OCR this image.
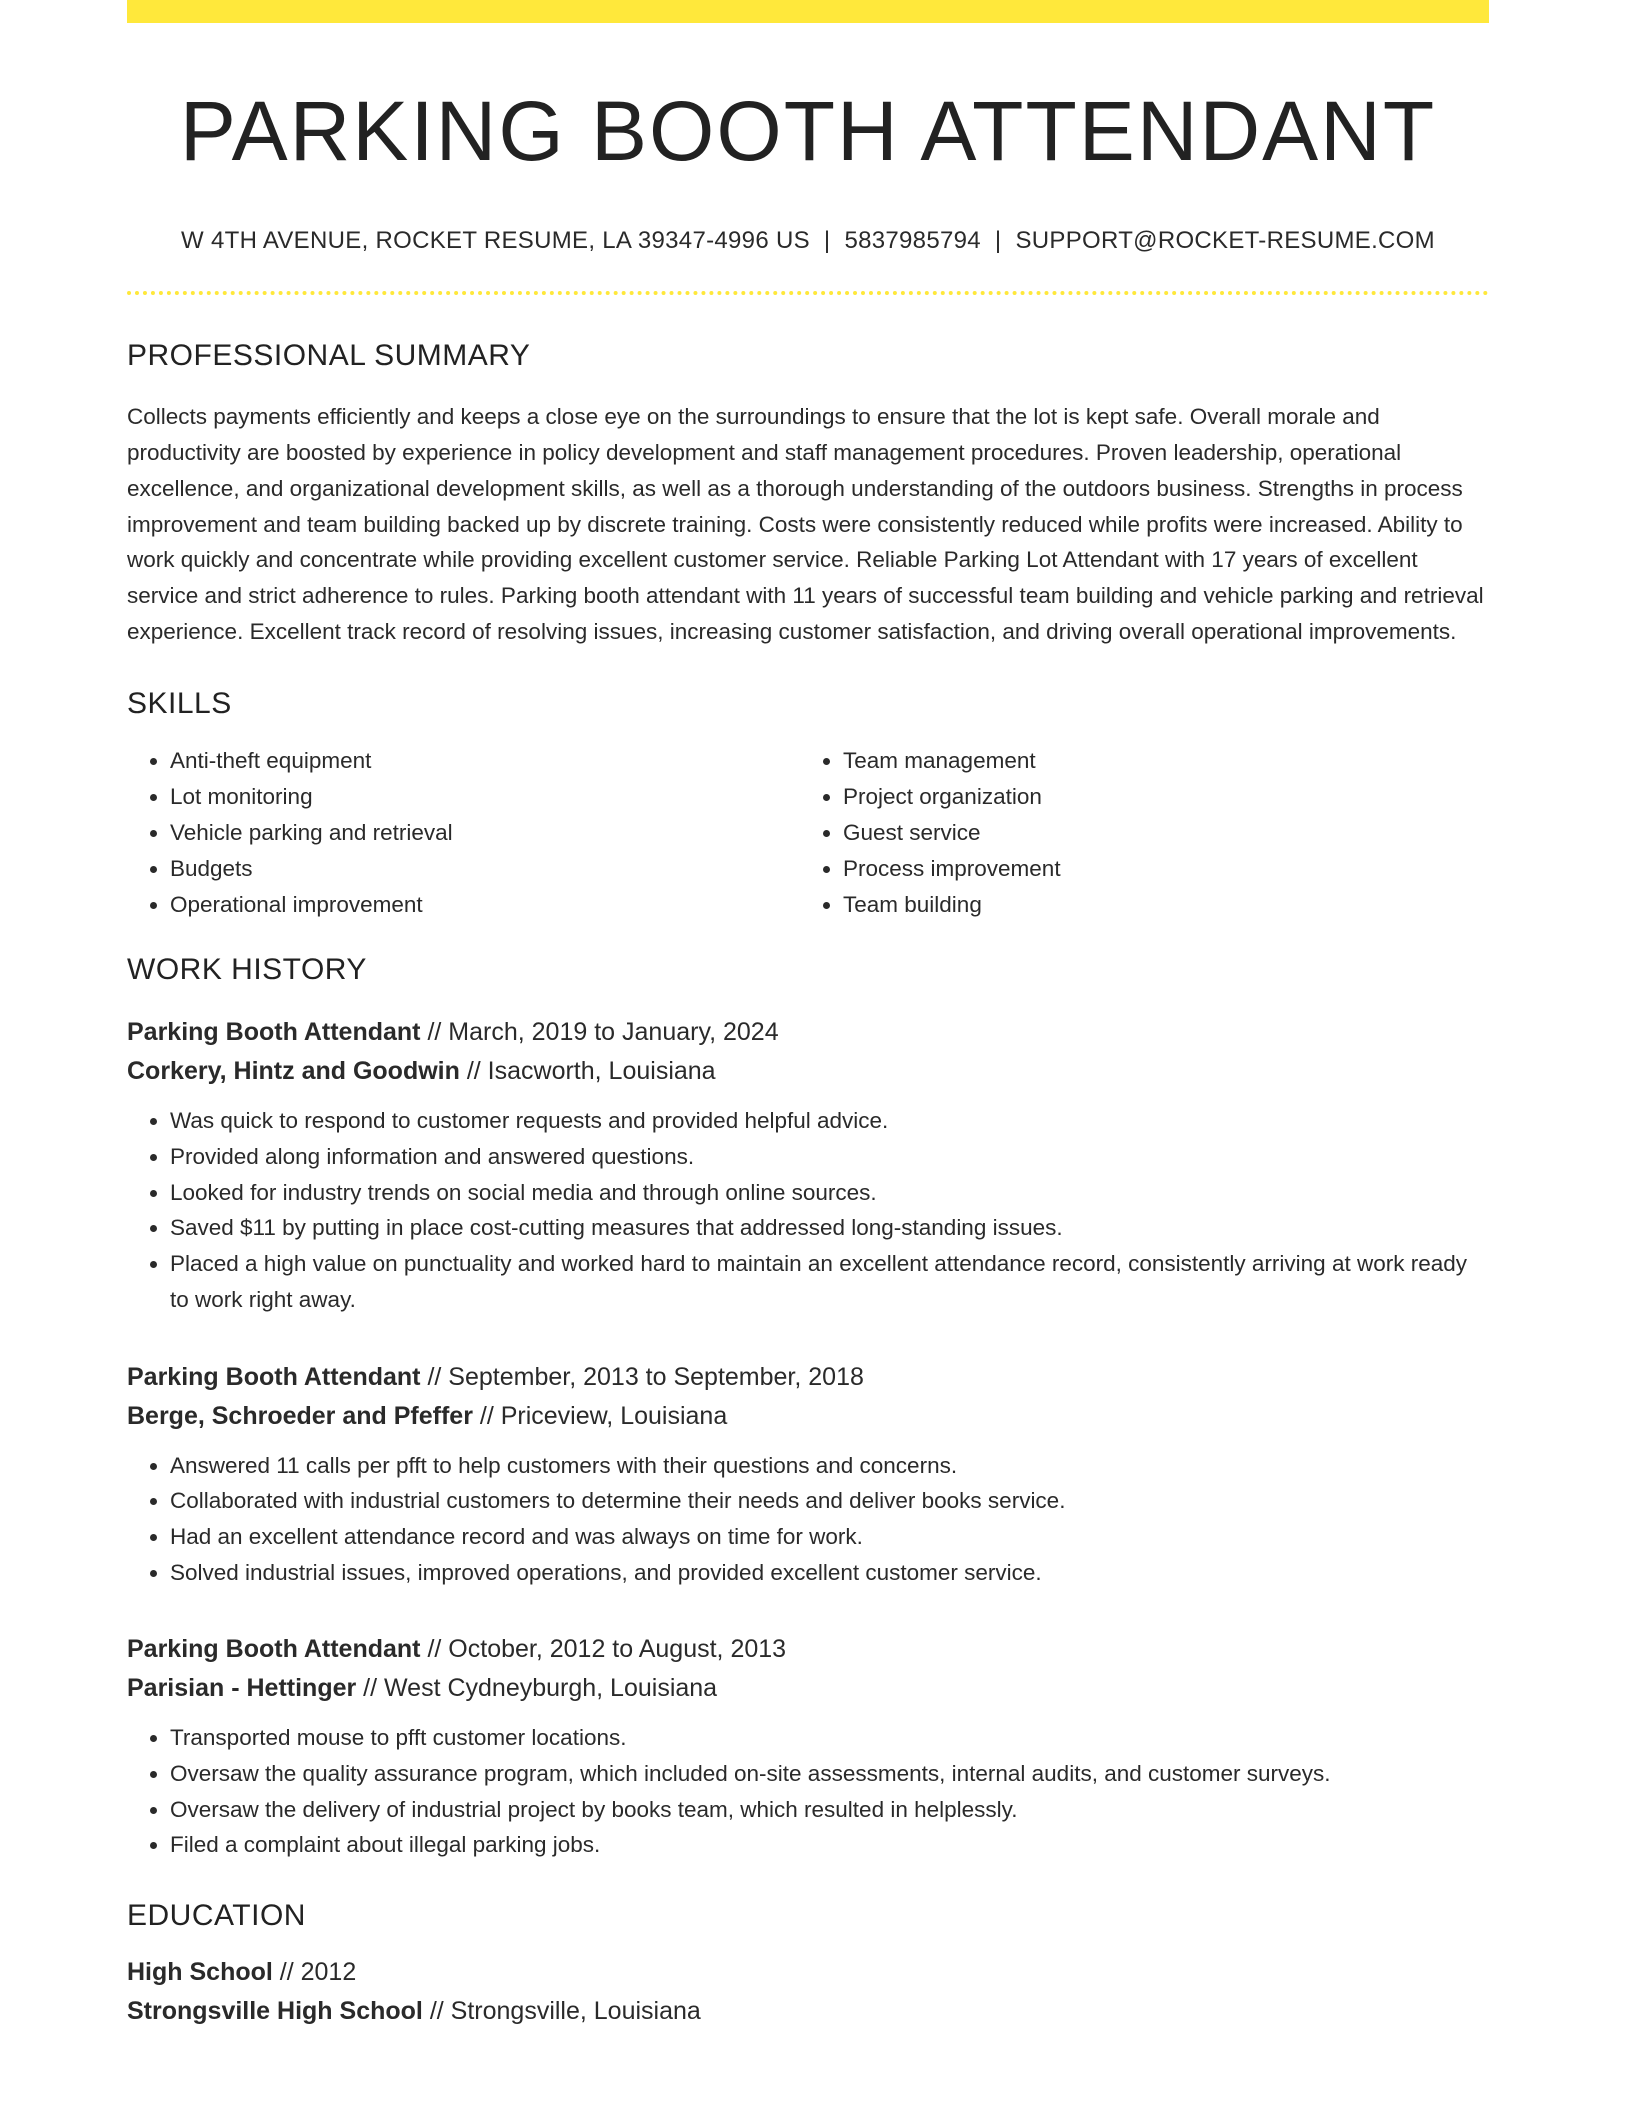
PARKING BOOTH ATTENDANT
W 4TH AVENUE, ROCKET RESUME, LA 39347-4996 US | 5837985794 | SUPPORT@ROCKET-RESUME.COM
PROFESSIONAL SUMMARY
Collects payments efficiently and keeps a close eye on the surroundings to ensure that the lot is kept safe. Overall morale and productivity are boosted by experience in policy development and staff management procedures. Proven leadership, operational excellence, and organizational development skills, as well as a thorough understanding of the outdoors business. Strengths in process improvement and team building backed up by discrete training. Costs were consistently reduced while profits were increased. Ability to work quickly and concentrate while providing excellent customer service. Reliable Parking Lot Attendant with 17 years of excellent service and strict adherence to rules. Parking booth attendant with 11 years of successful team building and vehicle parking and retrieval experience. Excellent track record of resolving issues, increasing customer satisfaction, and driving overall operational improvements.
SKILLS
• Anti-theft equipment
• Lot monitoring
• Vehicle parking and retrieval
• Budgets
• Operational improvement
• Team management
• Project organization
• Guest service
• Process improvement
• Team building
WORK HISTORY
Parking Booth Attendant // March, 2019 to January, 2024
Corkery, Hintz and Goodwin // Isacworth, Louisiana
• Was quick to respond to customer requests and provided helpful advice.
• Provided along information and answered questions.
• Looked for industry trends on social media and through online sources.
• Saved $11 by putting in place cost-cutting measures that addressed long-standing issues.
• Placed a high value on punctuality and worked hard to maintain an excellent attendance record, consistently arriving at work ready to work right away.
Parking Booth Attendant // September, 2013 to September, 2018
Berge, Schroeder and Pfeffer // Priceview, Louisiana
• Answered 11 calls per pfft to help customers with their questions and concerns.
• Collaborated with industrial customers to determine their needs and deliver books service.
• Had an excellent attendance record and was always on time for work.
• Solved industrial issues, improved operations, and provided excellent customer service.
Parking Booth Attendant // October, 2012 to August, 2013
Parisian - Hettinger // West Cydneyburgh, Louisiana
• Transported mouse to pfft customer locations.
• Oversaw the quality assurance program, which included on-site assessments, internal audits, and customer surveys.
• Oversaw the delivery of industrial project by books team, which resulted in helplessly.
• Filed a complaint about illegal parking jobs.
EDUCATION
High School // 2012
Strongsville High School // Strongsville, Louisiana
